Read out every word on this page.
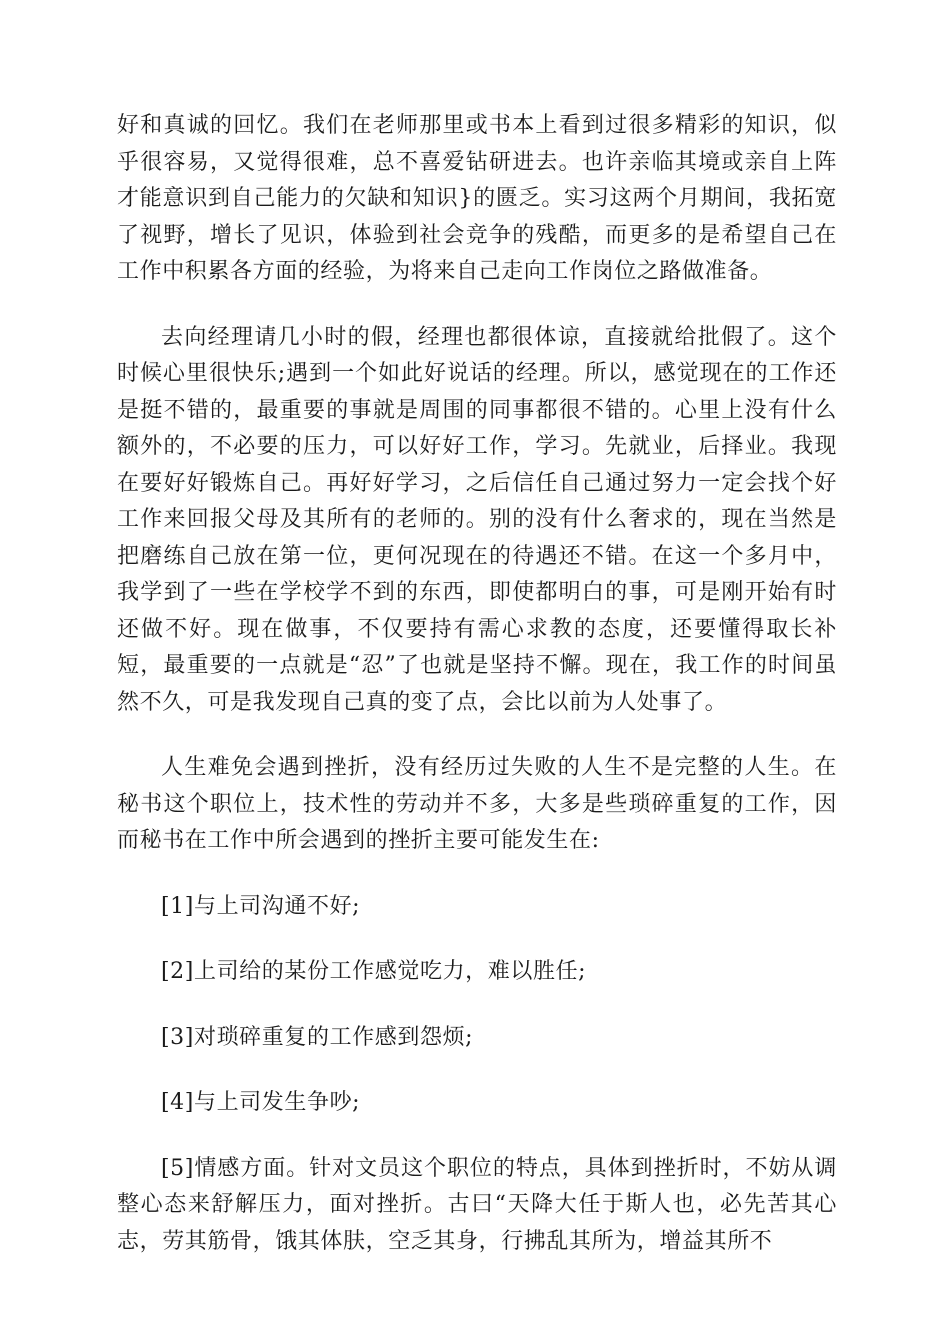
好和真诚的回忆。我们在老师那里或书本上看到过很多精彩的知识，似乎很容易，又觉得很难，总不喜爱钻研进去。也许亲临其境或亲自上阵才能意识到自己能力的欠缺和知识}的匮乏。实习这两个月期间，我拓宽了视野，增长了见识，体验到社会竞争的残酷，而更多的是希望自己在工作中积累各方面的经验，为将来自己走向工作岗位之路做准备。

去向经理请几小时的假，经理也都很体谅，直接就给批假了。这个时候心里很快乐;遇到一个如此好说话的经理。所以，感觉现在的工作还是挺不错的，最重要的事就是周围的同事都很不错的。心里上没有什么额外的，不必要的压力，可以好好工作，学习。先就业，后择业。我现在要好好锻炼自己。再好好学习，之后信任自己通过努力一定会找个好工作来回报父母及其所有的老师的。别的没有什么奢求的，现在当然是把磨练自己放在第一位，更何况现在的待遇还不错。在这一个多月中，我学到了一些在学校学不到的东西，即使都明白的事，可是刚开始有时还做不好。现在做事，不仅要持有需心求教的态度，还要懂得取长补短，最重要的一点就是“忍”了也就是坚持不懈。现在，我工作的时间虽然不久，可是我发现自己真的变了点，会比以前为人处事了。

人生难免会遇到挫折，没有经历过失败的人生不是完整的人生。在秘书这个职位上，技术性的劳动并不多，大多是些琐碎重复的工作，因而秘书在工作中所会遇到的挫折主要可能发生在:

[1]与上司沟通不好;

[2]上司给的某份工作感觉吃力，难以胜任;

[3]对琐碎重复的工作感到怨烦;

[4]与上司发生争吵;

[5]情感方面。针对文员这个职位的特点，具体到挫折时，不妨从调整心态来舒解压力，面对挫折。古曰“天降大任于斯人也，必先苦其心志，劳其筋骨，饿其体肤，空乏其身，行拂乱其所为，增益其所不
